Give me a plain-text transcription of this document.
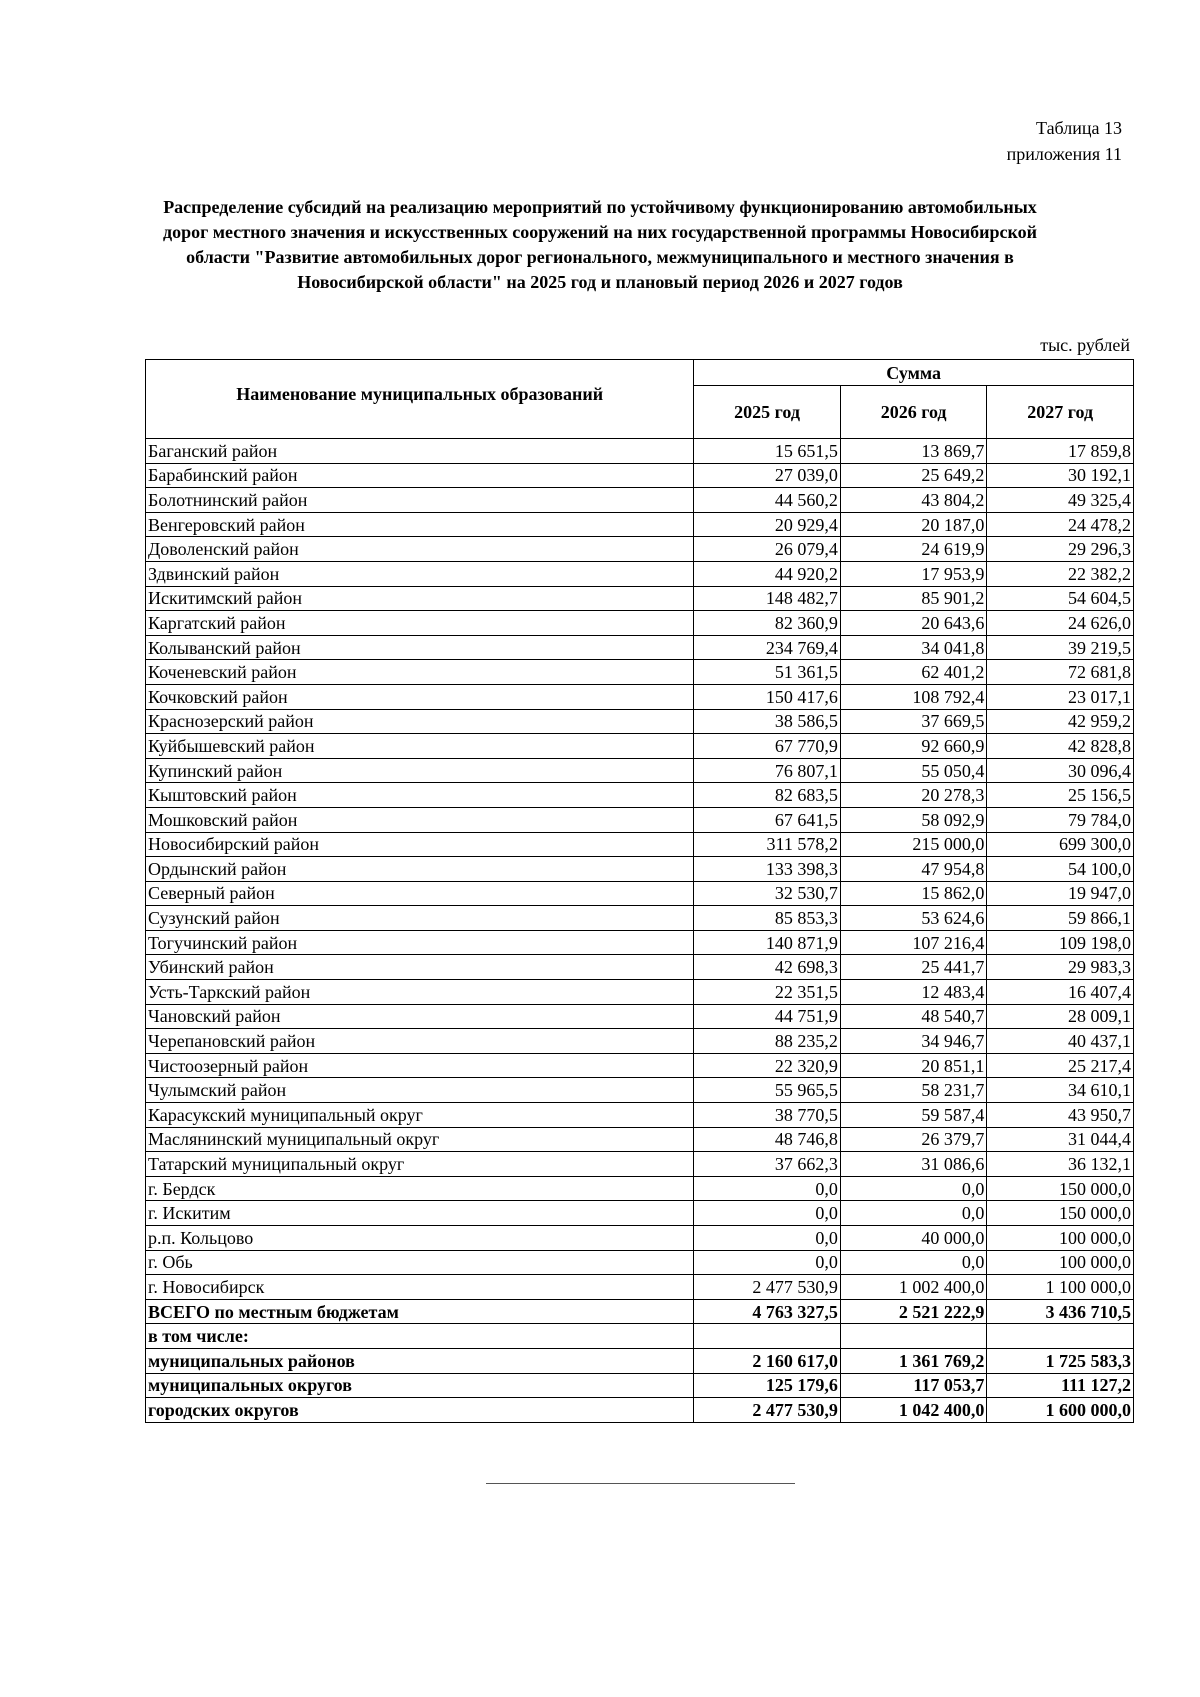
Таблица 13
приложения 11
Распределение субсидий на реализацию мероприятий по устойчивому функционированию автомобильных дорог местного значения и искусственных сооружений на них государственной программы Новосибирской области "Развитие автомобильных дорог регионального, межмуниципального и местного значения в Новосибирской области" на 2025 год и плановый период 2026 и 2027 годов
тыс. рублей
Наименование муниципальных образований	Сумма		
	2025 год	2026 год	2027 год
Баганский район	15 651,5	13 869,7	17 859,8
Барабинский район	27 039,0	25 649,2	30 192,1
Болотнинский район	44 560,2	43 804,2	49 325,4
Венгеровский район	20 929,4	20 187,0	24 478,2
Доволенский район	26 079,4	24 619,9	29 296,3
Здвинский район	44 920,2	17 953,9	22 382,2
Искитимский район	148 482,7	85 901,2	54 604,5
Каргатский район	82 360,9	20 643,6	24 626,0
Колыванский район	234 769,4	34 041,8	39 219,5
Коченевский район	51 361,5	62 401,2	72 681,8
Кочковский район	150 417,6	108 792,4	23 017,1
Краснозерский район	38 586,5	37 669,5	42 959,2
Куйбышевский район	67 770,9	92 660,9	42 828,8
Купинский район	76 807,1	55 050,4	30 096,4
Кыштовский район	82 683,5	20 278,3	25 156,5
Мошковский район	67 641,5	58 092,9	79 784,0
Новосибирский район	311 578,2	215 000,0	699 300,0
Ордынский район	133 398,3	47 954,8	54 100,0
Северный район	32 530,7	15 862,0	19 947,0
Сузунский район	85 853,3	53 624,6	59 866,1
Тогучинский район	140 871,9	107 216,4	109 198,0
Убинский район	42 698,3	25 441,7	29 983,3
Усть-Таркский район	22 351,5	12 483,4	16 407,4
Чановский район	44 751,9	48 540,7	28 009,1
Черепановский район	88 235,2	34 946,7	40 437,1
Чистоозерный район	22 320,9	20 851,1	25 217,4
Чулымский район	55 965,5	58 231,7	34 610,1
Карасукский муниципальный округ	38 770,5	59 587,4	43 950,7
Маслянинский муниципальный округ	48 746,8	26 379,7	31 044,4
Татарский муниципальный округ	37 662,3	31 086,6	36 132,1
г. Бердск	0,0	0,0	150 000,0
г. Искитим	0,0	0,0	150 000,0
р.п. Кольцово	0,0	40 000,0	100 000,0
г. Обь	0,0	0,0	100 000,0
г. Новосибирск	2 477 530,9	1 002 400,0	1 100 000,0
ВСЕГО по местным бюджетам	4 763 327,5	2 521 222,9	3 436 710,5
в том числе:			
муниципальных районов	2 160 617,0	1 361 769,2	1 725 583,3
муниципальных округов	125 179,6	117 053,7	111 127,2
городских округов	2 477 530,9	1 042 400,0	1 600 000,0
